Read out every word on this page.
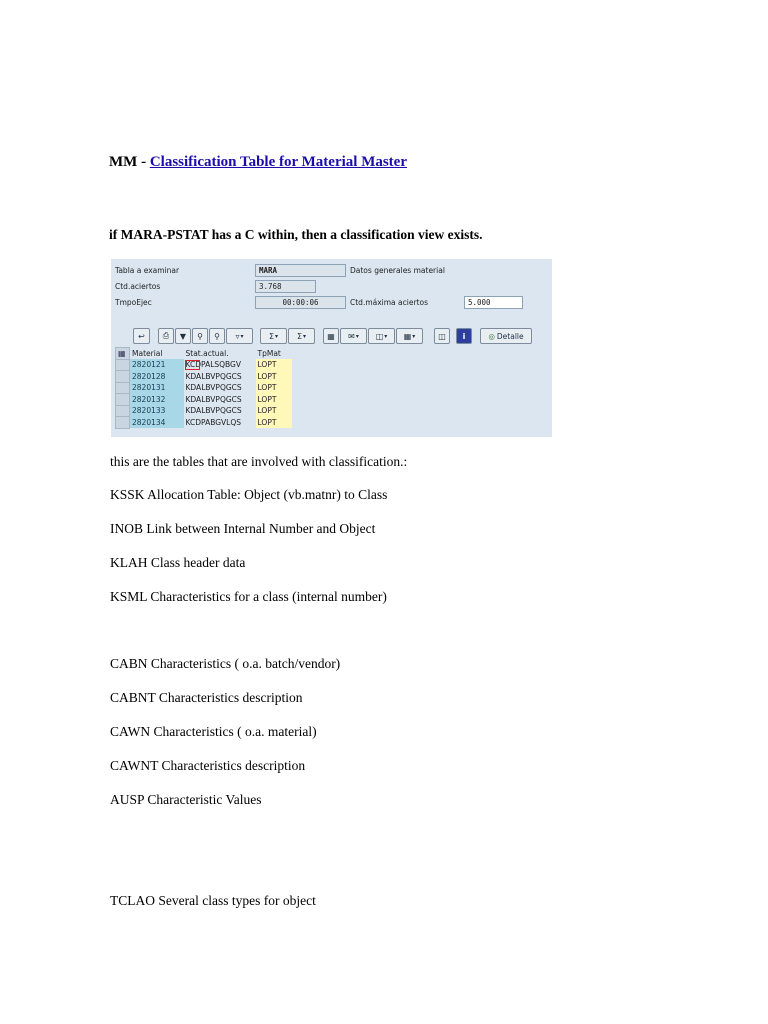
MM - Classification Table for Material Master
if MARA-PSTAT has a C within, then a classification view exists.
Tabla a examinar	MARA	Datos generales material
Ctd.aciertos	3.768
TmpoEjec	00:00:06	Ctd.máxima aciertos	5.000
↩	⎙	▼	⚲	⚲	▿ ▾	Σ ▾	Σ ▾	▦	✉ ▾	◫ ▾	▦ ▾	◫	i	◎ Detalle
▦	Material	Stat.actual.	TpMat
	2820121	KCDPALSQBGV	LOPT
	2820128	KDALBVPQGCS	LOPT
	2820131	KDALBVPQGCS	LOPT
	2820132	KDALBVPQGCS	LOPT
	2820133	KDALBVPQGCS	LOPT
	2820134	KCDPABGVLQS	LOPT
this are the tables that are involved with classification.:
KSSK Allocation Table: Object (vb.matnr) to Class
INOB Link between Internal Number and Object
KLAH Class header data
KSML Characteristics for a class (internal number)
CABN Characteristics ( o.a. batch/vendor)
CABNT Characteristics description
CAWN Characteristics ( o.a. material)
CAWNT Characteristics description
AUSP Characteristic Values
TCLAO Several class types for object
